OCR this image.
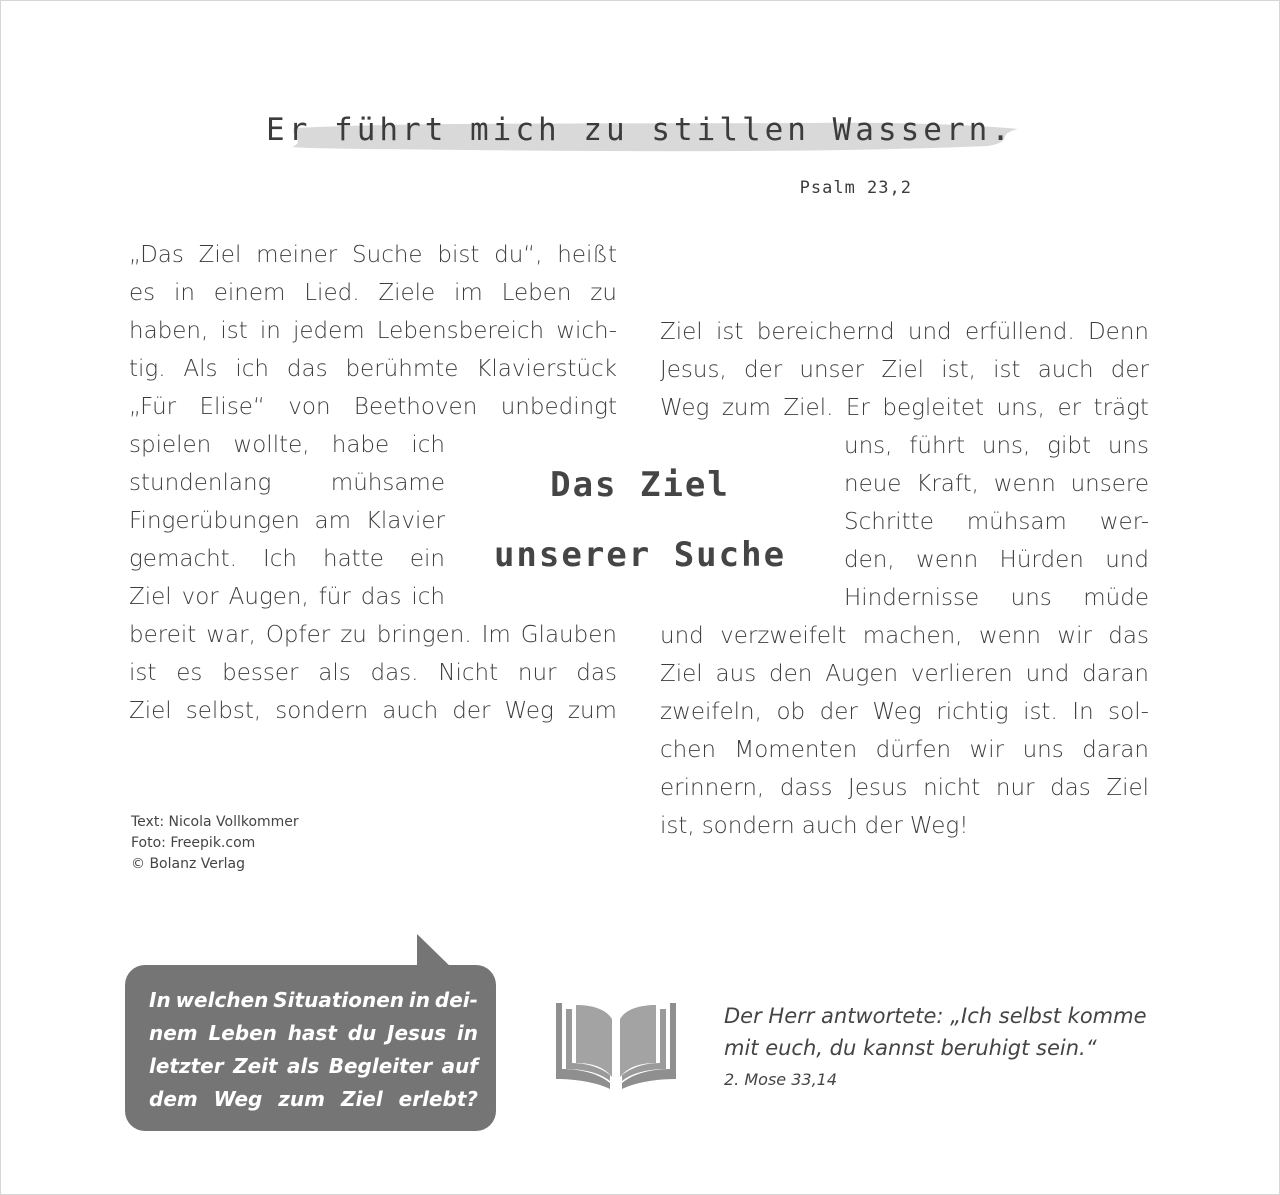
Er führt mich zu stillen Wassern.
Psalm 23,2
„Das Ziel meiner Suche bist du“, heißt
es in einem Lied. Ziele im Leben zu
haben, ist in jedem Lebensbereich wich-
tig. Als ich das berühmte Klavierstück
„Für Elise“ von Beethoven unbedingt
spielen wollte, habe ich
stundenlang	mühsame
Fingerübungen am Klavier
gemacht. Ich hatte ein
Ziel vor Augen, für das ich
bereit war, Opfer zu bringen. Im Glauben
ist es besser als das. Nicht nur das
Ziel selbst, sondern auch der Weg zum
Ziel ist bereichernd und erfüllend. Denn
Jesus, der unser Ziel ist, ist auch der
Weg zum Ziel. Er begleitet uns, er trägt
uns, führt uns, gibt uns
neue Kraft, wenn unsere
Schritte mühsam wer-
den, wenn Hürden und
Hindernisse uns müde
und verzweifelt machen, wenn wir das
Ziel aus den Augen verlieren und daran
zweifeln, ob der Weg richtig ist. In sol-
chen Momenten dürfen wir uns daran
erinnern, dass Jesus nicht nur das Ziel
ist, sondern auch der Weg!
Das Ziel
unserer Suche
Text: Nicola Vollkommer
Foto: Freepik.com
© Bolanz Verlag
In welchen Situationen in dei-
nem Leben hast du Jesus in
letzter Zeit als Begleiter auf
dem Weg zum Ziel erlebt?
Der Herr antwortete: „Ich selbst komme
mit euch, du kannst beruhigt sein.“
2. Mose 33,14
